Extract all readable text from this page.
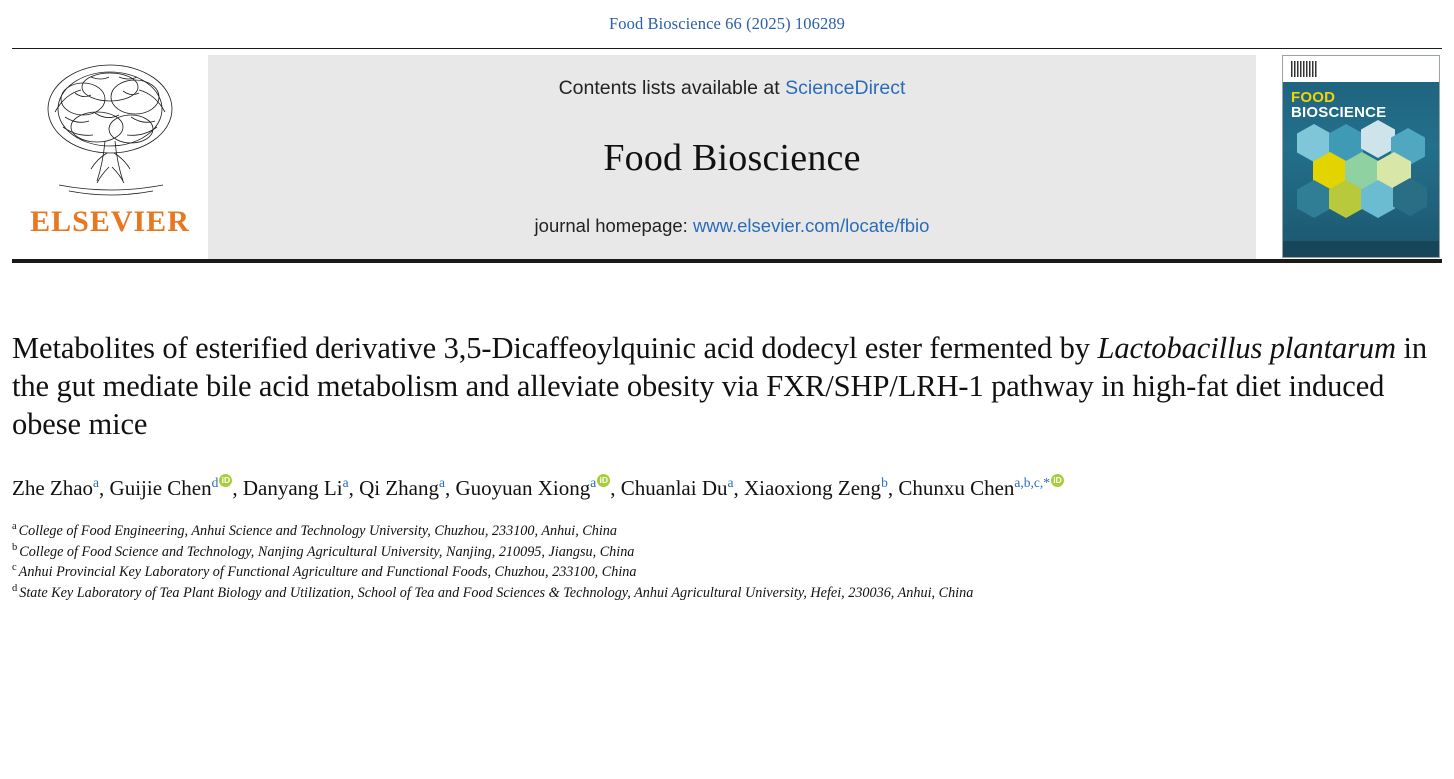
Food Bioscience 66 (2025) 106289
ELSEVIER
Contents lists available at ScienceDirect
Food Bioscience
journal homepage: www.elsevier.com/locate/fbio
FOOD
BIOSCIENCE
Metabolites of esterified derivative 3,5-Dicaffeoylquinic acid dodecyl ester fermented by Lactobacillus plantarum in the gut mediate bile acid metabolism and alleviate obesity via FXR/SHP/LRH-1 pathway in high-fat diet induced obese mice
Zhe Zhao$^a$, Guijie Chen$^d$ iD , Danyang Li$^a$, Qi Zhang$^a$, Guoyuan Xiong$^a$ iD , Chuanlai Du$^a$, Xiaoxiong Zeng$^b$, Chunxu Chen$^{a,b,c,*}$iD
$^a$ College of Food Engineering, Anhui Science and Technology University, Chuzhou, 233100, Anhui, China
$^b$ College of Food Science and Technology, Nanjing Agricultural University, Nanjing, 210095, Jiangsu, China
$^c$ Anhui Provincial Key Laboratory of Functional Agriculture and Functional Foods, Chuzhou, 233100, China
$^d$ State Key Laboratory of Tea Plant Biology and Utilization, School of Tea and Food Sciences & Technology, Anhui Agricultural University, Hefei, 230036, Anhui, China
